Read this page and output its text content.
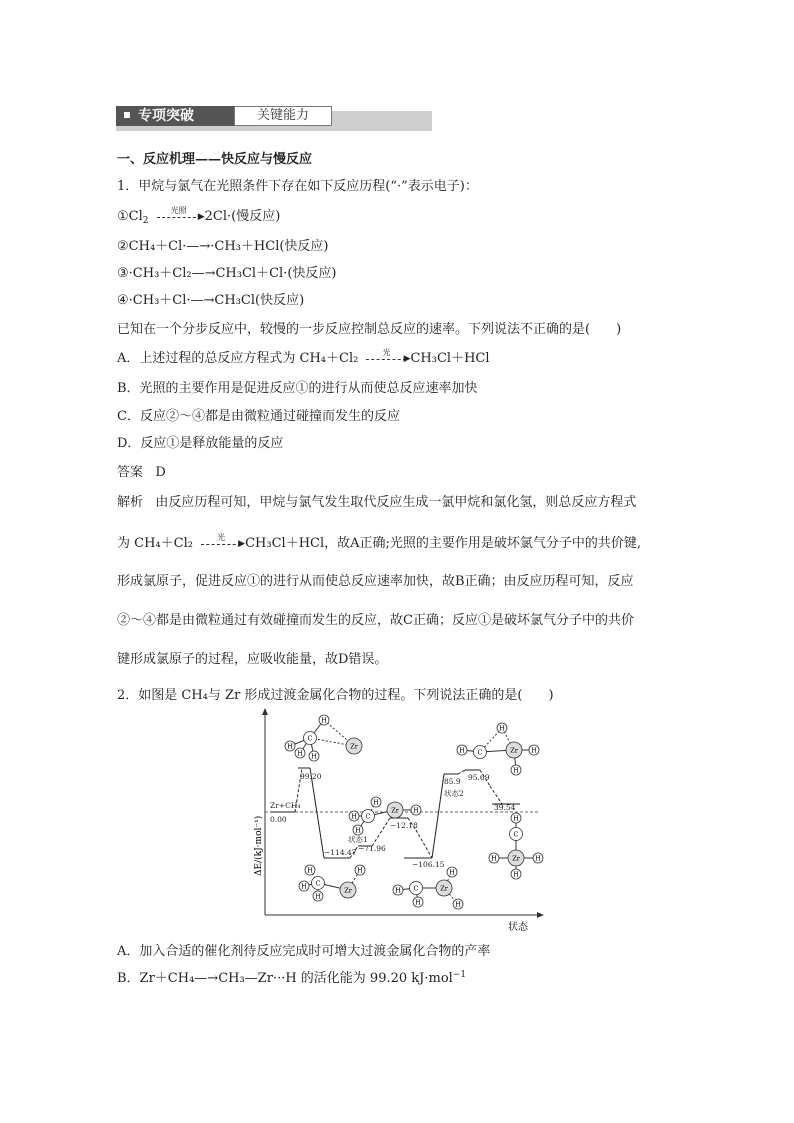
专项突破	关键能力
一、反应机理——快反应与慢反应
1．甲烷与氯气在光照条件下存在如下反应历程(“·”表示电子)：
$①Cl_2$
光照
▶ 2Cl·(慢反应)
②CH₄＋Cl·—→·CH₃＋HCl(快反应)
③·CH₃＋Cl₂—→CH₃Cl＋Cl·(快反应)
④·CH₃＋Cl·—→CH₃Cl(快反应)
已知在一个分步反应中，较慢的一步反应控制总反应的速率。下列说法不正确的是(　　)
A．上述过程的总反应方程式为 CH₄＋Cl₂	光
▶ CH₃Cl＋HCl
B．光照的主要作用是促进反应①的进行从而使总反应速率加快
C．反应②～④都是由微粒通过碰撞而发生的反应
D．反应①是释放能量的反应
答案 D
解析 由反应历程可知，甲烷与氯气发生取代反应生成一氯甲烷和氯化氢，则总反应方程式
为 CH₄＋Cl₂	光
▶ CH₃Cl＋HCl，故A正确;光照的主要作用是破坏氯气分子中的共价键,
形成氯原子，促进反应①的进行从而使总反应速率加快，故B正确；由反应历程可知，反应
②～④都是由微粒通过有效碰撞而发生的反应，故C正确；反应①是破坏氯气分子中的共价
键形成氯原子的过程，应吸收能量，故D错误。
2．如图是 CH₄与 Zr 形成过渡金属化合物的过程。下列说法正确的是(　　)
状态
ΔE/(kJ·mol⁻¹)
Zr+CH₄
0.00
99.20
−114.47
状态1
−71.96
−12.18
−106.15
85.9
状态2
95.69
39.54
H
H
C
H H
Zr
H
C
H
H
Zr H
H
C
H
H
Zr
H
H C
H
Zr
H
H
H
H C	Zr H
H
H
C
Zr
H	H
H
A．加入合适的催化剂待反应完成时可增大过渡金属化合物的产率
B．Zr＋CH₄—→CH₃—Zr···H 的活化能为 99.20 kJ·mol$^{-1}$
